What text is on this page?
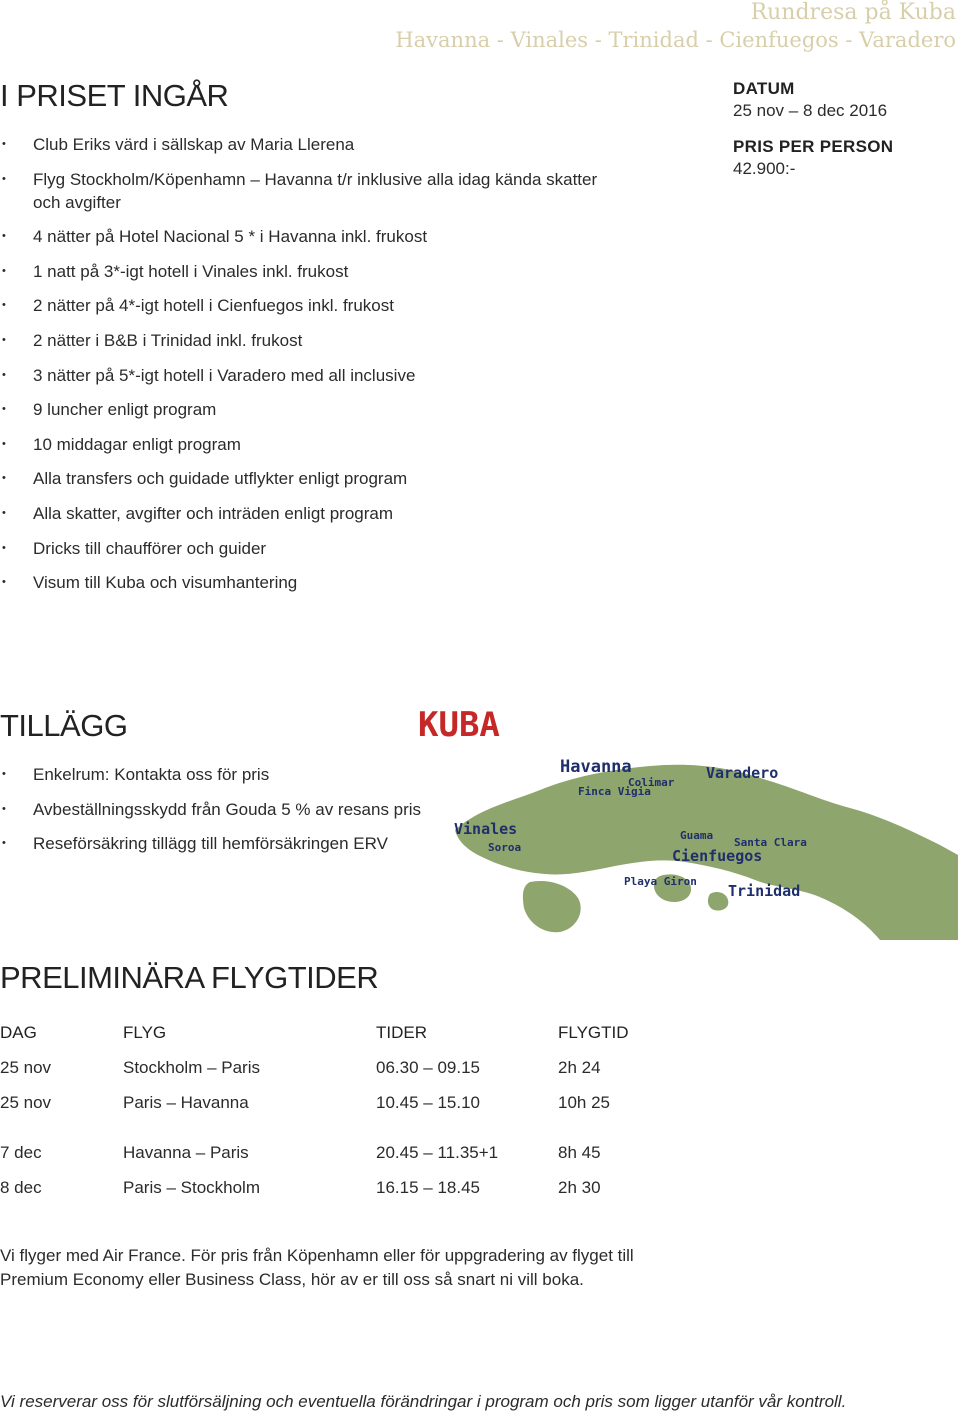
Rundresa på Kuba
Havanna - Vinales - Trinidad - Cienfuegos - Varadero
I PRISET INGÅR
• Club Eriks värd i sällskap av Maria Llerena
• Flyg Stockholm/Köpenhamn – Havanna t/r inklusive alla idag kända skatter och avgifter
• 4 nätter på Hotel Nacional 5 * i Havanna inkl. frukost
• 1 natt på 3*-igt hotell i Vinales inkl. frukost
• 2 nätter på 4*-igt hotell i Cienfuegos inkl. frukost
• 2 nätter i B&B i Trinidad inkl. frukost
• 3 nätter på 5*-igt hotell i Varadero med all inclusive
• 9 luncher enligt program
• 10 middagar enligt program
• Alla transfers och guidade utflykter enligt program
• Alla skatter, avgifter och inträden enligt program
• Dricks till chaufförer och guider
• Visum till Kuba och visumhantering
DATUM
25 nov – 8 dec 2016
PRIS PER PERSON
42.900:-
TILLÄGG
• Enkelrum: Kontakta oss för pris
• Avbeställningsskydd från Gouda 5 % av resans pris
• Reseförsäkring tillägg till hemförsäkringen ERV
KUBA
Havanna
Colimar
Finca Vigia
Varadero
Vinales
Soroa
Guama
Santa Clara
Cienfuegos
Playa Giron
Trinidad
PRELIMINÄRA FLYGTIDER
DAG	FLYG	TIDER	FLYGTID
25 nov	Stockholm – Paris	06.30 – 09.15	2h 24
25 nov	Paris – Havanna	10.45 – 15.10	10h 25

7 dec	Havanna – Paris	20.45 – 11.35+1	8h 45
8 dec	Paris – Stockholm	16.15 – 18.45	2h 30
Vi flyger med Air France. För pris från Köpenhamn eller för uppgradering av flyget till Premium Economy eller Business Class, hör av er till oss så snart ni vill boka.
Vi reserverar oss för slutförsäljning och eventuella förändringar i program och pris som ligger utanför vår kontroll.
